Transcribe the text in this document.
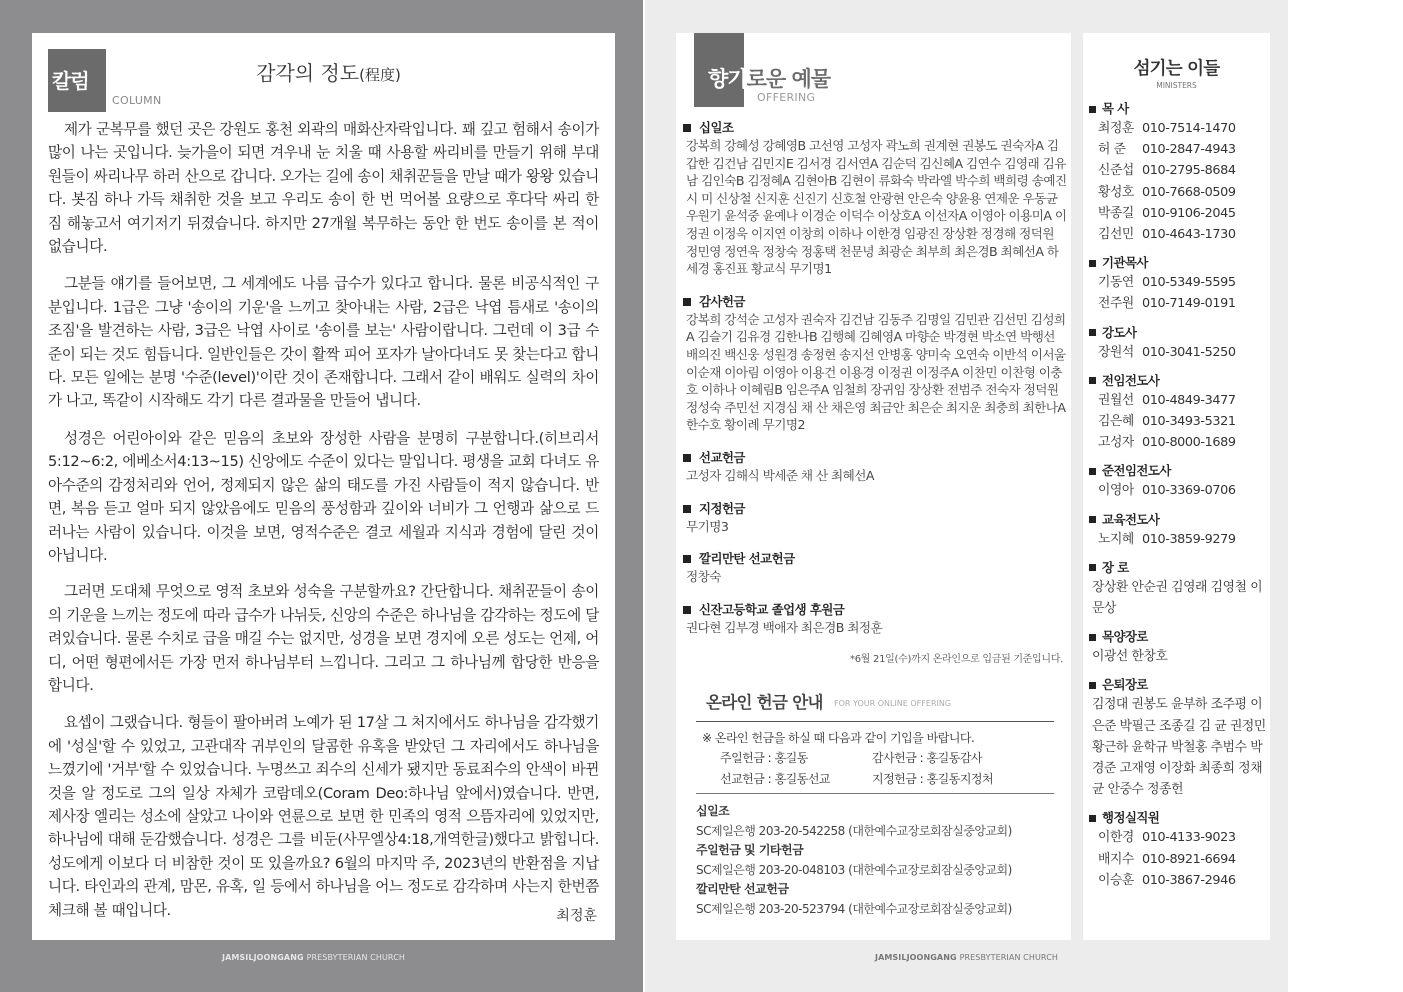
칼럼
COLUMN
감각의 정도(程度)

제가 군복무를 했던 곳은 강원도 홍천 외곽의 매화산자락입니다. 꽤 깊고 험해서 송이가 많이 나는 곳입니다. 늦가을이 되면 겨우내 눈 치울 때 사용할 싸리비를 만들기 위해 부대원들이 싸리나무 하러 산으로 갑니다. 오가는 길에 송이 채취꾼들을 만날 때가 왕왕 있습니다. 봇짐 하나 가득 채취한 것을 보고 우리도 송이 한 번 먹어볼 요량으로 후다닥 싸리 한 짐 해놓고서 여기저기 뒤졌습니다. 하지만 27개월 복무하는 동안 한 번도 송이를 본 적이 없습니다.

그분들 얘기를 들어보면, 그 세계에도 나름 급수가 있다고 합니다. 물론 비공식적인 구분입니다. 1급은 그냥 '송이의 기운'을 느끼고 찾아내는 사람, 2급은 낙엽 틈새로 '송이의 조짐'을 발견하는 사람, 3급은 낙엽 사이로 '송이를 보는' 사람이랍니다. 그런데 이 3급 수준이 되는 것도 힘듭니다. 일반인들은 갓이 활짝 피어 포자가 날아다녀도 못 찾는다고 합니다. 모든 일에는 분명 '수준(level)'이란 것이 존재합니다. 그래서 같이 배워도 실력의 차이가 나고, 똑같이 시작해도 각기 다른 결과물을 만들어 냅니다.

성경은 어린아이와 같은 믿음의 초보와 장성한 사람을 분명히 구분합니다.(히브리서5:12~6:2, 에베소서4:13~15) 신앙에도 수준이 있다는 말입니다. 평생을 교회 다녀도 유아수준의 감정처리와 언어, 정제되지 않은 삶의 태도를 가진 사람들이 적지 않습니다. 반면, 복음 듣고 얼마 되지 않았음에도 믿음의 풍성함과 깊이와 너비가 그 언행과 삶으로 드러나는 사람이 있습니다. 이것을 보면, 영적수준은 결코 세월과 지식과 경험에 달린 것이 아닙니다.

그러면 도대체 무엇으로 영적 초보와 성숙을 구분할까요? 간단합니다. 채취꾼들이 송이의 기운을 느끼는 정도에 따라 급수가 나뉘듯, 신앙의 수준은 하나님을 감각하는 정도에 달려있습니다. 물론 수치로 급을 매길 수는 없지만, 성경을 보면 경지에 오른 성도는 언제, 어디, 어떤 형편에서든 가장 먼저 하나님부터 느낍니다. 그리고 그 하나님께 합당한 반응을 합니다.

요셉이 그랬습니다. 형들이 팔아버려 노예가 된 17살 그 처지에서도 하나님을 감각했기에 '성실'할 수 있었고, 고관대작 귀부인의 달콤한 유혹을 받았던 그 자리에서도 하나님을 느꼈기에 '거부'할 수 있었습니다. 누명쓰고 죄수의 신세가 됐지만 동료죄수의 안색이 바뀐 것을 알 정도로 그의 일상 자체가 코람데오(Coram Deo:하나님 앞에서)였습니다. 반면, 제사장 엘리는 성소에 살았고 나이와 연륜으로 보면 한 민족의 영적 으뜸자리에 있었지만, 하나님에 대해 둔감했습니다. 성경은 그를 비둔(사무엘상4:18,개역한글)했다고 밝힙니다. 성도에게 이보다 더 비참한 것이 또 있을까요? 6월의 마지막 주, 2023년의 반환점을 지납니다. 타인과의 관계, 맘몬, 유혹, 일 등에서 하나님을 어느 정도로 감각하며 사는지 한번쯤 체크해 볼 때입니다.	최정훈
JAMSILJOONGANG PRESBYTERIAN CHURCH
향기로운 예물
OFFERING
십일조
강복희 강혜성 강혜영B 고선영 고성자 곽노희 권계현 권봉도 권숙자A 김갑한 김건남 김민지E 김서경 김서연A 김순덕 김신혜A 김연수 김영래 김유남 김인숙B 김정혜A 김현아B 김현이 류화숙 박라엘 박수희 백희령 송예진 시 미 신상철 신지훈 신진기 신호철 안광현 안은숙 양윤용 연제운 우동균 우원기 윤석중 윤예나 이경순 이덕수 이상호A 이선자A 이영아 이용미A 이정권 이정욱 이지연 이창희 이하나 이한경 임광진 장상환 정경해 정덕원 정민영 정연욱 정창숙 정홍택 천문녕 최광순 최부희 최은경B 최혜선A 하세경 홍진표 황교식 무기명1
감사헌금
강복희 강석순 고성자 권숙자 김건남 김동주 김명일 김민관 김선민 김성희A 김슬기 김유경 김한나B 김행혜 김혜영A 마향순 박경현 박소연 박행선 배의진 백신웅 성원경 송정현 송지선 안병홍 양미숙 오연숙 이반석 이서울 이순재 이아림 이영아 이용건 이용경 이정권 이정주A 이찬민 이찬형 이충호 이하나 이혜림B 임은주A 임철희 장귀임 장상환 전범주 전숙자 정덕원 정성숙 주민선 지경심 채 산 채은영 최금안 최은순 최지운 최충희 최한나A 한수호 황이례 무기명2
선교헌금
고성자 김해식 박세준 채 산 최혜선A
지정헌금
무기명3
깔리만탄 선교헌금
정창숙
신잔고등학교 졸업생 후원금
권다현 김부경 백애자 최은경B 최정훈
*6월 21일(수)까지 온라인으로 입금된 기준입니다.
온라인 헌금 안내 FOR YOUR ONLINE OFFERING
※ 온라인 헌금을 하실 때 다음과 같이 기입을 바랍니다.
주일헌금 : 홍길동	감사헌금 : 홍길동감사
선교헌금 : 홍길동선교	지정헌금 : 홍길동지정처
십일조
SC제일은행 203-20-542258 (대한예수교장로회잠실중앙교회)
주일헌금 및 기타헌금
SC제일은행 203-20-048103 (대한예수교장로회잠실중앙교회)
깔리만탄 선교헌금
SC제일은행 203-20-523794 (대한예수교장로회잠실중앙교회)
섬기는 이들
MINISTERS
목 사
최정훈 010-7514-1470
허 준 010-2847-4943
신준섭 010-2795-8684
황성호 010-7668-0509
박종길 010-9106-2045
김선민 010-4643-1730
기관목사
기동연 010-5349-5595
전주원 010-7149-0191
강도사
장원석 010-3041-5250
전임전도사
권월선 010-4849-3477
김은혜 010-3493-5321
고성자 010-8000-1689
준전임전도사
이영아 010-3369-0706
교육전도사
노지혜 010-3859-9279
장 로
장상환 안순권 김영래 김영철 이문상
목양장로
이광선 한창호
은퇴장로
김정대 권봉도 윤부하 조주평 이은준 박필근 조종길 김 균 권정민 황근하 윤학규 박철홍 추범수 박경준 고재영 이장화 최종희 정채균 안중수 정종헌
행정실직원
이한경 010-4133-9023
배지수 010-8921-6694
이승훈 010-3867-2946
JAMSILJOONGANG PRESBYTERIAN CHURCH
